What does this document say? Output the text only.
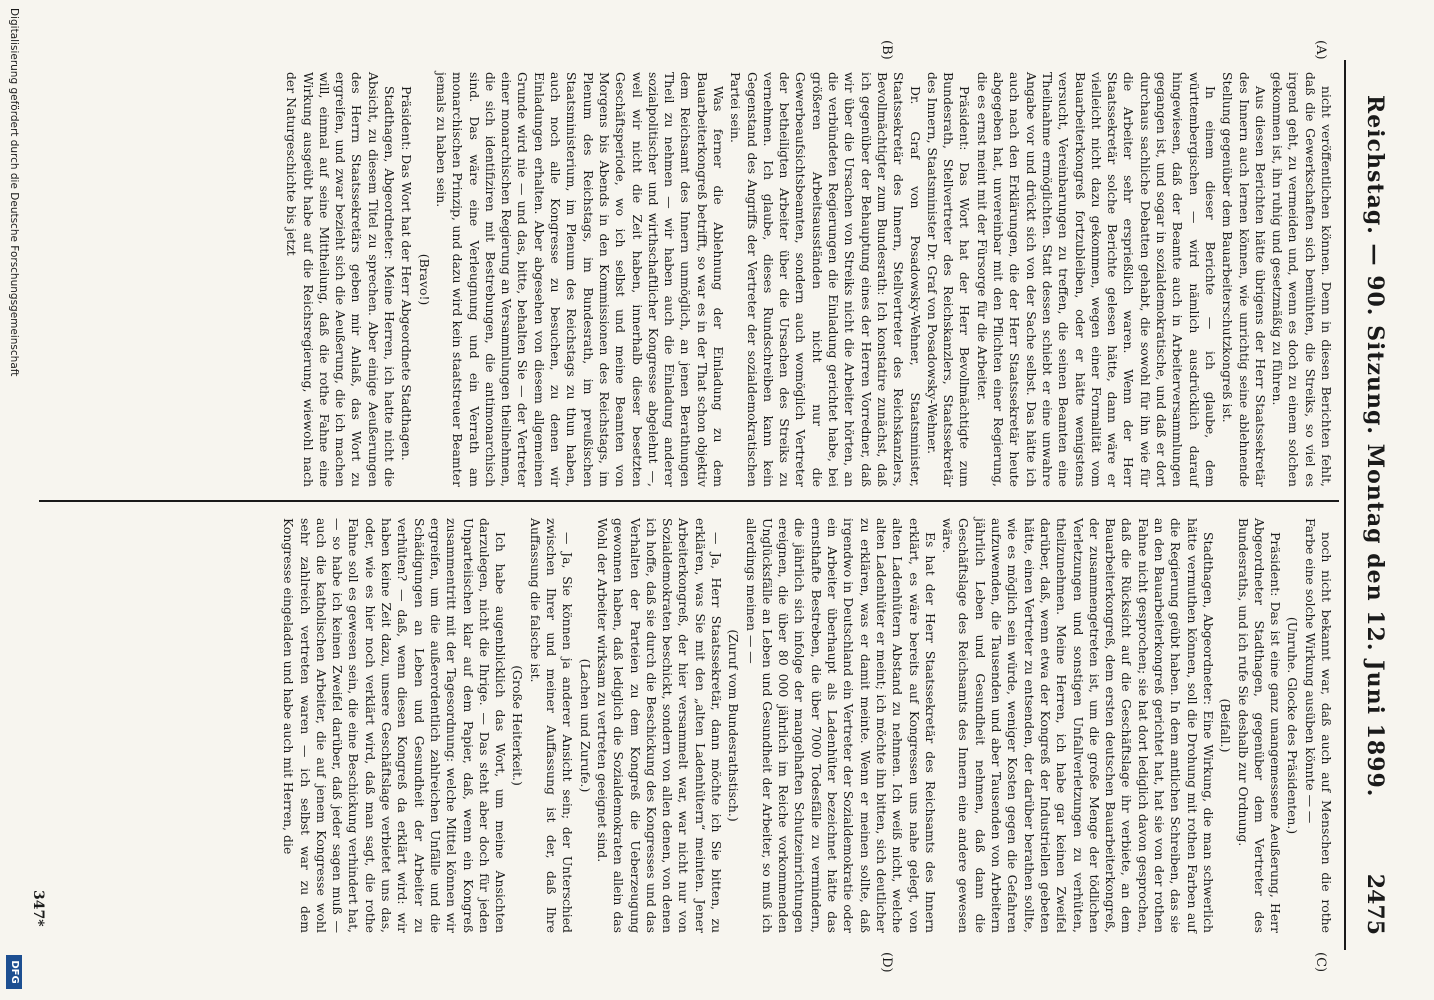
Reichstag. — 90. Sitzung. Montag den 12. Juni 1899.
2475
(A)
(B)
(C)
(D)

nicht veröffentlichen können. Denn in diesen Berichten fehlt, daß die Gewerkschaften sich bemühten, die Streiks, so viel es irgend geht, zu vermeiden und, wenn es doch zu einem solchen gekommen ist, ihn ruhig und gesetzmäßig zu führen.

Aus diesen Berichten hätte übrigens der Herr Staatssekretär des Innern auch lernen können, wie unrichtig seine ablehnende Stellung gegenüber dem Bauarbeiterschutzkongreß ist.

In einem dieser Berichte — ich glaube, dem württembergischen — wird nämlich ausdrücklich darauf hingewiesen, daß der Beamte auch in Arbeiterversammlungen gegangen ist, und sogar in sozialdemokratische, und daß er dort durchaus sachliche Debatten gehabt, die sowohl für ihn wie für die Arbeiter sehr ersprießlich waren. Wenn der Herr Staatssekretär solche Berichte gelesen hätte, dann wäre er vielleicht nicht dazu gekommen, wegen einer Formalität vom Bauarbeiterkongreß fortzubleiben, oder er hätte wenigstens versucht, Vereinbarungen zu treffen, die seinen Beamten eine Theilnahme ermöglichten. Statt dessen schiebt er eine unwahre Angabe vor und drückt sich von der Sache selbst. Das hätte ich auch nach den Erklärungen, die der Herr Staatssekretär heute abgegeben hat, unvereinbar mit den Pflichten einer Regierung, die es ernst meint mit der Fürsorge für die Arbeiter.

Präsident: Das Wort hat der Herr Bevollmächtigte zum Bundesrath, Stellvertreter des Reichskanzlers, Staatssekretär des Innern, Staatsminister Dr. Graf von Posadowsky-Wehner.

Dr. Graf von Posadowsky-Wehner, Staatsminister, Staatssekretär des Innern, Stellvertreter des Reichskanzlers, Bevollmächtigter zum Bundesrath: Ich konstatire zunächst, daß ich gegenüber der Behauptung eines der Herren Vorredner, daß wir über die Ursachen von Streiks nicht die Arbeiter hörten, an die verbündeten Regierungen die Einladung gerichtet habe, bei größeren Arbeitsausständen nicht nur die Gewerbeaufsichtsbeamten, sondern auch womöglich Vertreter der betheiligten Arbeiter über die Ursachen des Streiks zu vernehmen. Ich glaube, dieses Rundschreiben kann kein Gegenstand des Angriffs der Vertreter der sozialdemokratischen Partei sein.

Was ferner die Ablehnung der Einladung zu dem Bauarbeiterkongreß betrifft, so war es in der That schon objektiv dem Reichsamt des Innern unmöglich, an jenen Berathungen Theil zu nehmen — wir haben auch die Einladung anderer sozialpolitischer und wirthschaftlicher Kongresse abgelehnt —, weil wir nicht die Zeit haben, innerhalb dieser besetzten Geschäftsperiode, wo ich selbst und meine Beamten von Morgens bis Abends in den Kommissionen des Reichstags, im Plenum des Reichstags, im Bundesrath, im preußischen Staatsministerium, im Plenum des Reichstags zu thun haben, auch noch alle Kongresse zu besuchen, zu denen wir Einladungen erhalten. Aber abgesehen von diesem allgemeinen Grunde wird nie — und das, bitte, behalten Sie — der Vertreter einer monarchischen Regierung an Versammlungen theilnehmen, die sich identifiziren mit Bestrebungen, die antimonarchisch sind. Das wäre eine Verleugnung und ein Verrath am monarchischen Prinzip, und dazu wird kein staatstreuer Beamter jemals zu haben sein.

(Bravo!)

Präsident: Das Wort hat der Herr Abgeordnete Stadthagen.

Stadthagen, Abgeordneter: Meine Herren, ich hatte nicht die Absicht, zu diesem Titel zu sprechen. Aber einige Aeußerungen des Herrn Staatssekretärs geben mir Anlaß, das Wort zu ergreifen, und zwar bezieht sich die Aeußerung, die ich machen will, einmal auf seine Mittheilung, daß die rothe Fahne eine Wirkung ausgeübt habe auf die Reichsregierung, wiewohl nach der Naturgeschichte bis jetzt

noch nicht bekannt war, daß auch auf Menschen die rothe Farbe eine solche Wirkung ausüben könnte — —

(Unruhe. Glocke des Präsidenten.)

Präsident: Das ist eine ganz unangemessene Aeußerung, Herr Abgeordneter Stadthagen, gegenüber dem Vertreter des Bundesraths, und ich rufe Sie deshalb zur Ordnung.

(Beifall.)

Stadthagen, Abgeordneter: Eine Wirkung, die man schwerlich hätte vermuthen können, soll die Drohung mit rothen Farben auf die Regierung geübt haben. In dem amtlichen Schreiben, das sie an den Bauarbeiterkongreß gerichtet hat, hat sie von der rothen Fahne nicht gesprochen; sie hat dort lediglich davon gesprochen, daß die Rücksicht auf die Geschäftslage ihr verbiete, an dem Bauarbeiterkongreß, dem ersten deutschen Bauarbeiterkongreß, der zusammengetreten ist, um die große Menge der tödlichen Verletzungen und sonstigen Unfallverletzungen zu verhüten, theilzunehmen. Meine Herren, ich habe gar keinen Zweifel darüber, daß, wenn etwa der Kongreß der Industriellen gebeten hätte, einen Vertreter zu entsenden, der darüber berathen sollte, wie es möglich sein würde, weniger Kosten gegen die Gefahren aufzuwenden, die Tausenden und aber Tausenden von Arbeitern jährlich Leben und Gesundheit nehmen, daß dann die Geschäftslage des Reichsamts des Innern eine andere gewesen wäre.

Es hat der Herr Staatssekretär des Reichsamts des Innern erklärt, es wäre bereits auf Kongressen uns nahe gelegt, von alten Ladenhütern Abstand zu nehmen. Ich weiß nicht, welche alten Ladenhüter er meint; ich möchte ihn bitten, sich deutlicher zu erklären, was er damit meinte. Wenn er meinen sollte, daß irgendwo in Deutschland ein Vertreter der Sozialdemokratie oder ein Arbeiter überhaupt als Ladenhüter bezeichnet hätte das ernsthafte Bestreben, die über 7000 Todesfälle zu vermindern, die jährlich sich infolge der mangelhaften Schutzeinrichtungen ereignen, die über 80 000 jährlich im Reiche vorkommenden Unglücksfälle an Leben und Gesundheit der Arbeiter, so muß ich allerdings meinen — —

(Zuruf vom Bundesrathstisch.)

— Ja, Herr Staatssekretär, dann möchte ich Sie bitten, zu erklären, was Sie mit den „alten Ladenhütern“ meinten. Jener Arbeiterkongreß, der hier versammelt war, war nicht nur von Sozialdemokraten beschickt, sondern von allen denen, von denen ich hoffe, daß sie durch die Beschickung des Kongresses und das Verhalten der Parteien zu dem Kongreß die Ueberzeugung gewonnen haben, daß lediglich die Sozialdemokraten allein das Wohl der Arbeiter wirksam zu vertreten geeignet sind.

(Lachen und Zurufe.)

— Ja, Sie können ja anderer Ansicht sein; der Unterschied zwischen Ihrer und meiner Auffassung ist der, daß Ihre Auffassung die falsche ist.

(Große Heiterkeit.)

Ich habe augenblicklich das Wort, um meine Ansichten darzulegen, nicht die Ihrige. — Das steht aber doch für jeden Unparteiischen klar auf dem Papier, daß, wenn ein Kongreß zusammentritt mit der Tagesordnung: welche Mittel können wir ergreifen, um die außerordentlich zahlreichen Unfälle und die Schädigungen an Leben und Gesundheit der Arbeiter zu verhüten? — daß, wenn diesen Kongreß da erklärt wird: wir haben keine Zeit dazu, unsere Geschäftslage verbietet uns das, oder, wie es hier noch verklärt wird, daß man sagt, die rothe Fahne soll es gewesen sein, die eine Beschickung verhindert hat, — so habe ich keinen Zweifel darüber, daß jeder sagen muß — auch die katholischen Arbeiter, die auf jenem Kongresse wohl sehr zahlreich vertreten waren — ich selbst war zu dem Kongresse eingeladen und habe auch mit Herren, die

347*
Digitalisierung gefördert durch die Deutsche Forschungsgemeinschaft
DFG
